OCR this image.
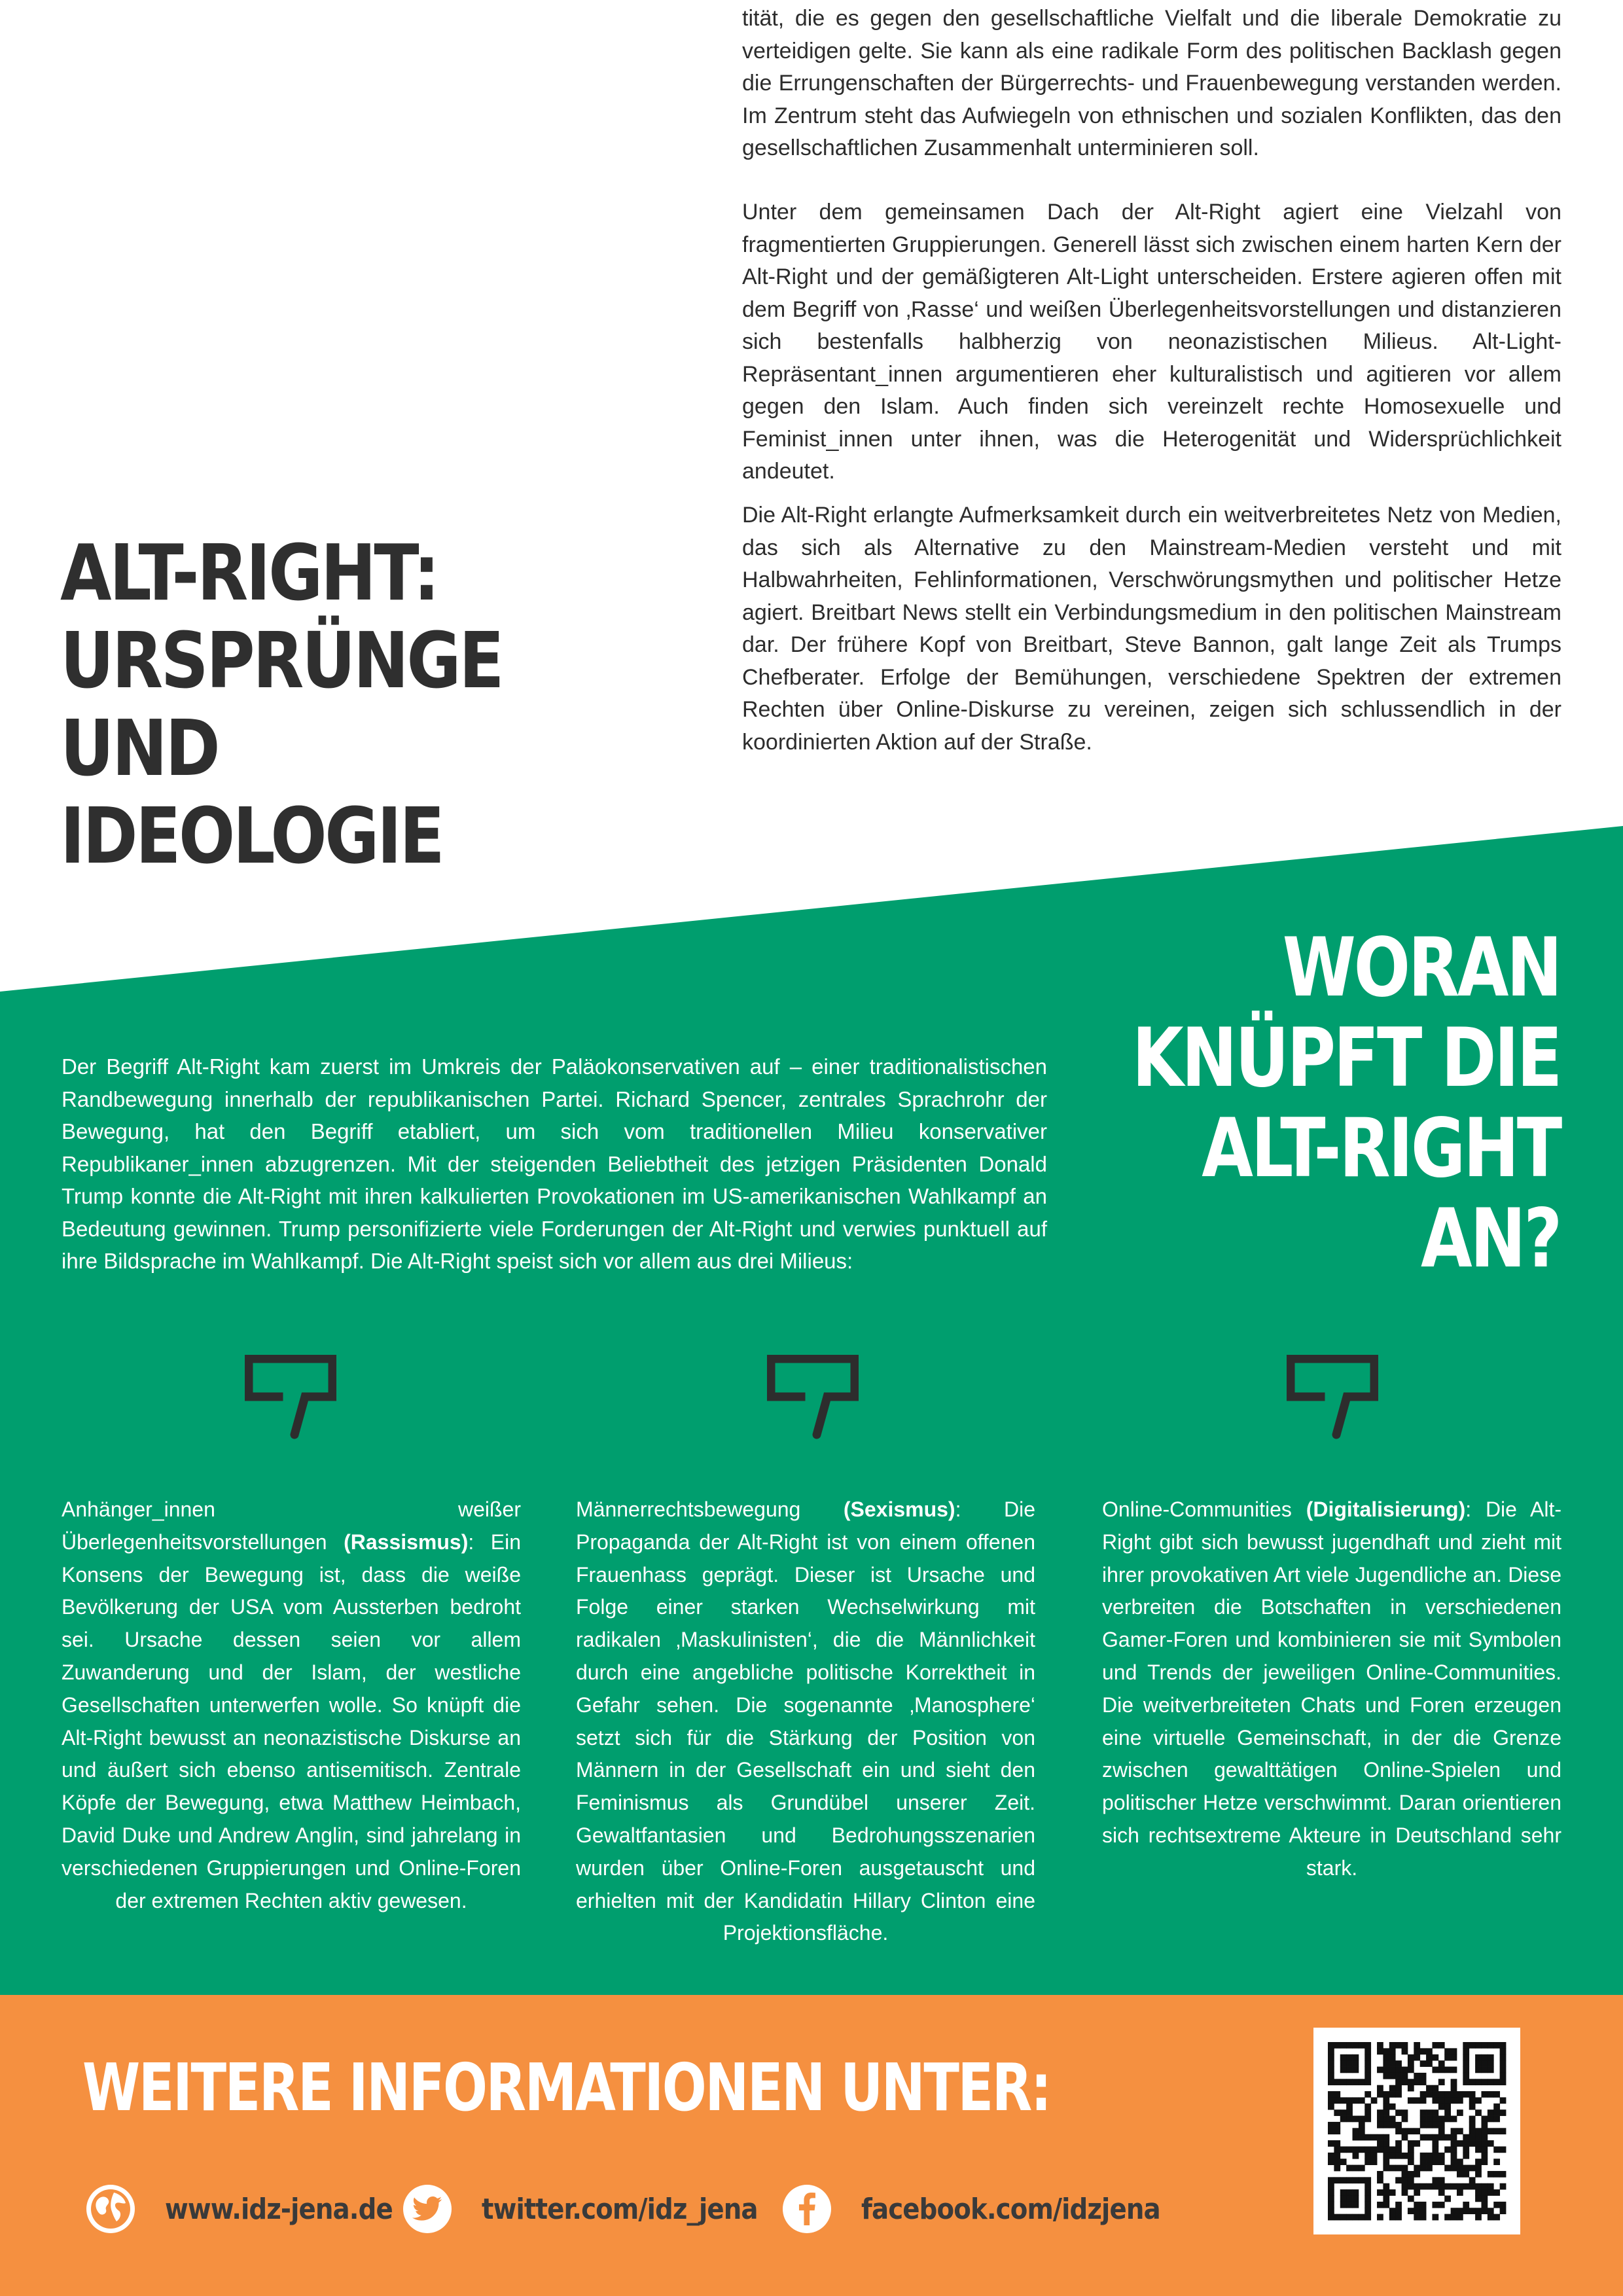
tität, die es gegen den gesellschaftliche Vielfalt und die liberale Demokratie zu verteidigen gelte. Sie kann als eine radikale Form des politischen Backlash gegen die Errungenschaften der Bürgerrechts- und Frauenbewegung verstanden werden. Im Zentrum steht das Aufwiegeln von ethnischen und sozialen Konflikten, das den gesellschaftlichen Zusammenhalt unterminieren soll.
Unter dem gemeinsamen Dach der Alt-Right agiert eine Vielzahl von fragmentierten Gruppierungen. Generell lässt sich zwischen einem harten Kern der Alt-Right und der gemäßigteren Alt-Light unterscheiden. Erstere agieren offen mit dem Begriff von ‚Rasse‘ und weißen Überlegenheitsvorstellungen und distanzieren sich bestenfalls halbherzig von neonazistischen Milieus. Alt-Light-Repräsentant_innen argumentieren eher kulturalistisch und agitieren vor allem gegen den Islam. Auch finden sich vereinzelt rechte Homosexuelle und Feminist_innen unter ihnen, was die Heterogenität und Widersprüchlichkeit andeutet.
Die Alt-Right erlangte Aufmerksamkeit durch ein weitverbreitetes Netz von Medien, das sich als Alternative zu den Mainstream-Medien versteht und mit Halbwahrheiten, Fehlinformationen, Verschwörungsmythen und politischer Hetze agiert. Breitbart News stellt ein Verbindungsmedium in den politischen Mainstream dar. Der frühere Kopf von Breitbart, Steve Bannon, galt lange Zeit als Trumps Chefberater. Erfolge der Bemühungen, verschiedene Spektren der extremen Rechten über Online-Diskurse zu vereinen, zeigen sich schlussendlich in der koordinierten Aktion auf der Straße.
ALT-RIGHT:
URSPRÜNGE
UND IDEOLOGIE
WORAN
KNÜPFT DIE
ALT-RIGHT
AN?
Der Begriff Alt-Right kam zuerst im Umkreis der Paläokonservativen auf – einer traditionalistischen Randbewegung innerhalb der republikanischen Partei. Richard Spencer, zentrales Sprachrohr der Bewegung, hat den Begriff etabliert, um sich vom traditionellen Milieu konservativer Republikaner_innen abzugrenzen. Mit der steigenden Beliebtheit des jetzigen Präsidenten Donald Trump konnte die Alt-Right mit ihren kalkulierten Provokationen im US-amerikanischen Wahlkampf an Bedeutung gewinnen. Trump personifizierte viele Forderungen der Alt-Right und verwies punktuell auf ihre Bildsprache im Wahlkampf. Die Alt-Right speist sich vor allem aus drei Milieus:
Anhänger_innen weißer Überlegenheitsvorstellungen (Rassismus): Ein Konsens der Bewegung ist, dass die weiße Bevölkerung der USA vom Aussterben bedroht sei. Ursache dessen seien vor allem Zuwanderung und der Islam, der westliche Gesellschaften unterwerfen wolle. So knüpft die Alt-Right bewusst an neonazistische Diskurse an und äußert sich ebenso antisemitisch. Zentrale Köpfe der Bewegung, etwa Matthew Heimbach, David Duke und Andrew Anglin, sind jahrelang in verschiedenen Gruppierungen und Online-Foren der extremen Rechten aktiv gewesen.
Männerrechtsbewegung (Sexismus): Die Propaganda der Alt-Right ist von einem offenen Frauenhass geprägt. Dieser ist Ursache und Folge einer starken Wechselwirkung mit radikalen ‚Maskulinisten‘, die die Männlichkeit durch eine angebliche politische Korrektheit in Gefahr sehen. Die sogenannte ‚Manosphere‘ setzt sich für die Stärkung der Position von Männern in der Gesellschaft ein und sieht den Feminismus als Grundübel unserer Zeit. Gewaltfantasien und Bedrohungsszenarien wurden über Online-Foren ausgetauscht und erhielten mit der Kandidatin Hillary Clinton eine Projektionsfläche.
Online-Communities (Digitalisierung): Die Alt-Right gibt sich bewusst jugendhaft und zieht mit ihrer provokativen Art viele Jugendliche an. Diese verbreiten die Botschaften in verschiedenen Gamer-Foren und kombinieren sie mit Symbolen und Trends der jeweiligen Online-Communities. Die weitverbreiteten Chats und Foren erzeugen eine virtuelle Gemeinschaft, in der die Grenze zwischen gewalttätigen Online-Spielen und politischer Hetze verschwimmt. Daran orientieren sich rechtsextreme Akteure in Deutschland sehr stark.
WEITERE INFORMATIONEN UNTER:
www.idz-jena.de	twitter.com/idz_jena	facebook.com/idzjena
